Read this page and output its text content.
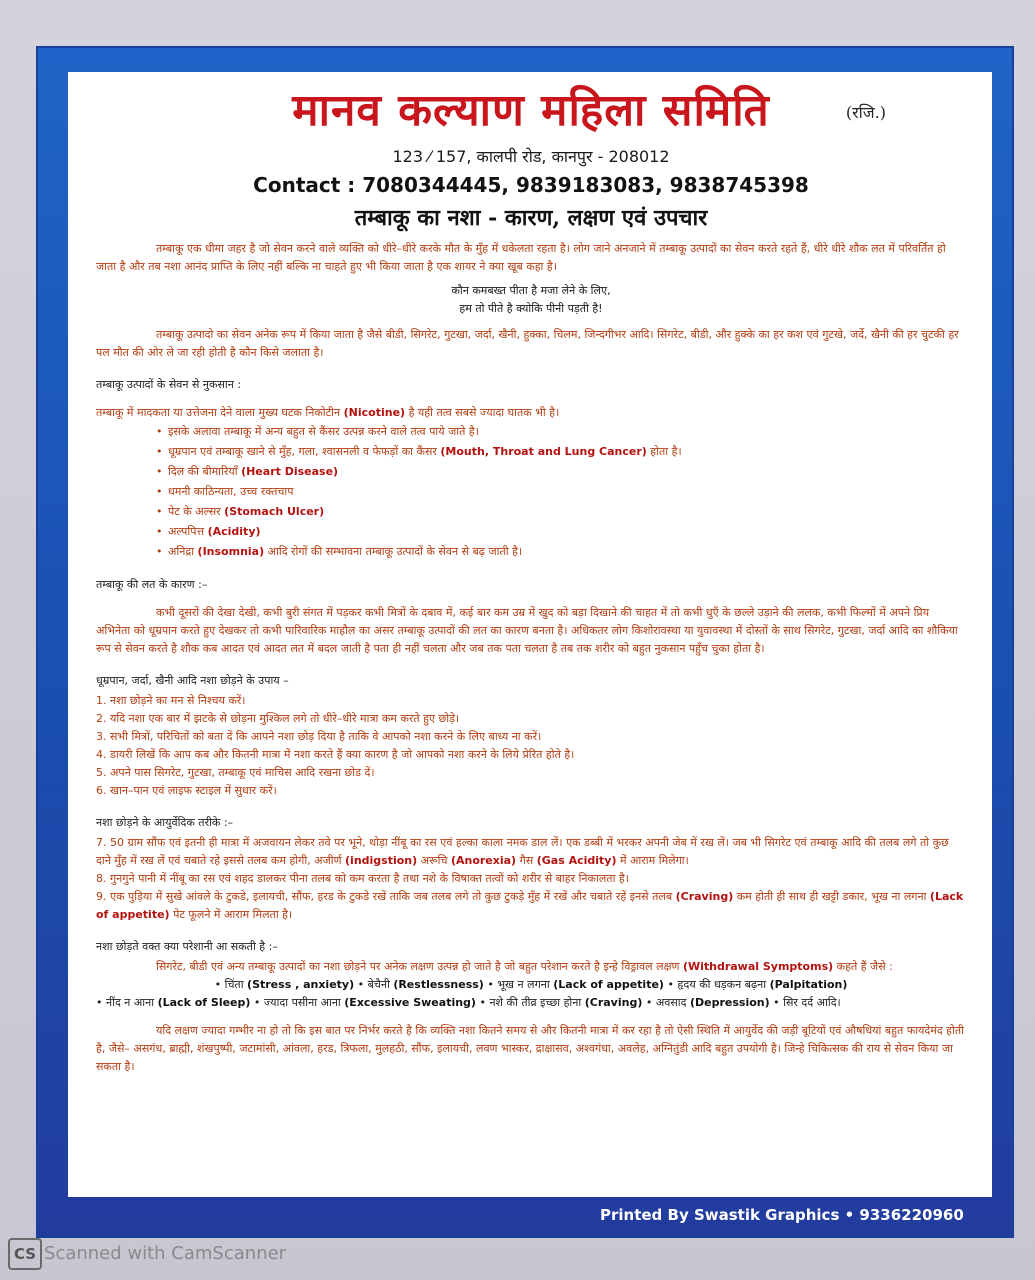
मानव कल्याण महिला समिति	(रजि.)
123 ⁄ 157, कालपी रोड, कानपुर - 208012
Contact : 7080344445, 9839183083, 9838745398
तम्बाकू का नशा - कारण, लक्षण एवं उपचार

तम्बाकू एक धीमा जहर है जो सेवन करने वाले व्यक्ति को धीरे–धीरे करके मौत के मुँह में धकेलता रहता है। लोग जाने अनजाने में तम्बाकू उत्पादों का सेवन करते रहते हैं, धीरे धीरे शौक लत में परिवर्तित हो जाता है और तब नशा आनंद प्राप्ति के लिए नहीं बल्कि ना चाहते हुए भी किया जाता है एक शायर ने क्या खूब कहा है।

कौन कमबख्त पीता है मजा लेने के लिए,
हम तो पीते है क्योकि पीनी पड़ती है!

तम्बाकू उत्पादो का सेवन अनेक रूप में किया जाता है जैसे बीडी, सिगरेट, गुटखा, जर्दा, खैनी, हुक्का, चिलम, जिन्दगीभर आदि। सिगरेट, बीडी, और हुक्के का हर कश एवं गुटखे, जर्दे, खैनी की हर चुटकी हर पल मौत की ओर ले जा रही होती है कौन किसे जलाता है।

तम्बाकू उत्पादों के सेवन से नुकसान :

तम्बाकू में मादकता या उत्तेजना देने वाला मुख्य घटक निकोटीन (Nicotine) है यही तत्व सबसे ज्यादा घातक भी है।

• इसके अलावा तम्बाकू में अन्य बहुत से कैंसर उत्पन्न करने वाले तत्व पाये जाते है।
• धूम्रपान एवं तम्बाकू खाने से मुँह, गला, श्वासनली व फेफड़ों का कैंसर (Mouth, Throat and Lung Cancer) होता है।
• दिल की बीमारियाँ (Heart Disease)
• धमनी काठिन्यता, उच्च रक्तचाप
• पेट के अल्सर (Stomach Ulcer)
• अल्पपित्त (Acidity)
• अनिद्रा (Insomnia) आदि रोगों की सम्भावना तम्बाकू उत्पादों के सेवन से बढ़ जाती है।
तम्बाकू की लत के कारण :–

कभी दूसरों की देखा देखी, कभी बुरी संगत में पड़कर कभी मित्रों के दबाव में, कई बार कम उम्र में खुद को बड़ा दिखाने की चाहत में तो कभी धुएँ के छल्ले उड़ाने की ललक, कभी फिल्मों में अपने प्रिय अभिनेता को धूम्रपान करते हुए देखकर तो कभी पारिवारिक माहौल का असर तम्बाकू उत्पादों की लत का कारण बनता है। अधिकतर लोग किशोरावस्था या युवावस्था में दोस्तों के साथ सिगरेट, गुटखा, जर्दा आदि का शौकिया रूप से सेवन करते है शौक कब आदत एवं आदत लत में बदल जाती है पता ही नहीं चलता और जब तक पता चलता है तब तक शरीर को बहुत नुकसान पहुँच चुका होता है।

धूम्रपान, जर्दा, खैनी आदि नशा छोड़ने के उपाय –
1. नशा छोड़ने का मन से निश्चय करें।
2. यदि नशा एक बार में झटके से छोड़ना मुश्किल लगे तो धीरे–धीरे मात्रा कम करते हुए छोड़े।
3. सभी मित्रों, परिचितों को बता दें कि आपने नशा छोड़ दिया है ताकि वे आपको नशा करने के लिए बाध्य ना करें।
4. डायरी लिखें कि आप कब और कितनी मात्रा में नशा करते हैं क्या कारण है जो आपको नशा करने के लिये प्रेरित होते है।
5. अपने पास सिगरेट, गुटखा, तम्बाकू एवं माचिस आदि रखना छोड दें।
6. खान–पान एवं लाइफ स्टाइल में सुधार करें।
नशा छोड़ने के आयुर्वेदिक तरीके :–

7. 50 ग्राम सौंफ एवं इतनी ही मात्रा में अजवायन लेकर तवे पर भूने, थोड़ा नींबू का रस एवं हल्का काला नमक डाल लें। एक डब्बी में भरकर अपनी जेब में रख लें। जब भी सिगरेट एवं तम्बाकू आदि की तलब लगे तो कुछ दाने मुँह में रख लें एवं चबाते रहे इससे तलब कम होगी, अजीर्ण (indigstion) अरूचि (Anorexia) गैस (Gas Acidity) में आराम मिलेगा।

8. गुनगुने पानी में नींबू का रस एवं शहद डालकर पीना तलब को कम करता है तथा नशे के विषाक्त तत्वों को शरीर से बाहर निकालता है।

9. एक पुड़िया में सुखे आंवले के टुकडे, इलायची, सौंफ, हरड के टुकडे रखें ताकि जब तलब लगे तो कुछ टुकड़े मुँह में रखें और चबाते रहें इनसे तलब (Craving) कम होती ही साथ ही खट्टी डकार, भूख ना लगना (Lack of appetite) पेट फूलने में आराम मिलता है।

नशा छोड़ते वक्त क्या परेशानी आ सकती है :–

सिगरेट, बीडी एवं अन्य तम्बाकू उत्पादों का नशा छोड़ने पर अनेक लक्षण उत्पन्न हो जाते है जो बहुत परेशान करते है इन्हे विड्रावल लक्षण (Withdrawal Symptoms) कहते हैं जैसे :

• चिंता (Stress , anxiety) • बेचैनी (Restlessness) • भूख न लगना (Lack of appetite) • हृदय की धड़कन बढ़ना (Palpitation)
• नींद न आना (Lack of Sleep) • ज्यादा पसीना आना (Excessive Sweating) • नशे की तीव्र इच्छा होना (Craving) • अवसाद (Depression) • सिर दर्द आदि।

यदि लक्षण ज्यादा गम्भीर ना हो तो कि इस बात पर निर्भर करते है कि व्यक्ति नशा कितने समय से और कितनी मात्रा में कर रहा है तो ऐसी स्थिति में आयुर्वेद की जड़ी बूटियों एवं औषधियां बहुत फायदेमंद होती है, जैसे– असगंध, ब्राह्मी, शंखपुष्पी, जटामांसी, आंवला, हरड, त्रिफला, मुलहठी, सौंफ, इलायची, लवण भास्कर, द्राक्षासव, अश्वगंधा, अवलेह, अग्नितुंडी आदि बहुत उपयोगी है। जिन्हे चिकित्सक की राय से सेवन किया जा सकता है।

Printed By Swastik Graphics • 9336220960
CS Scanned with CamScanner
